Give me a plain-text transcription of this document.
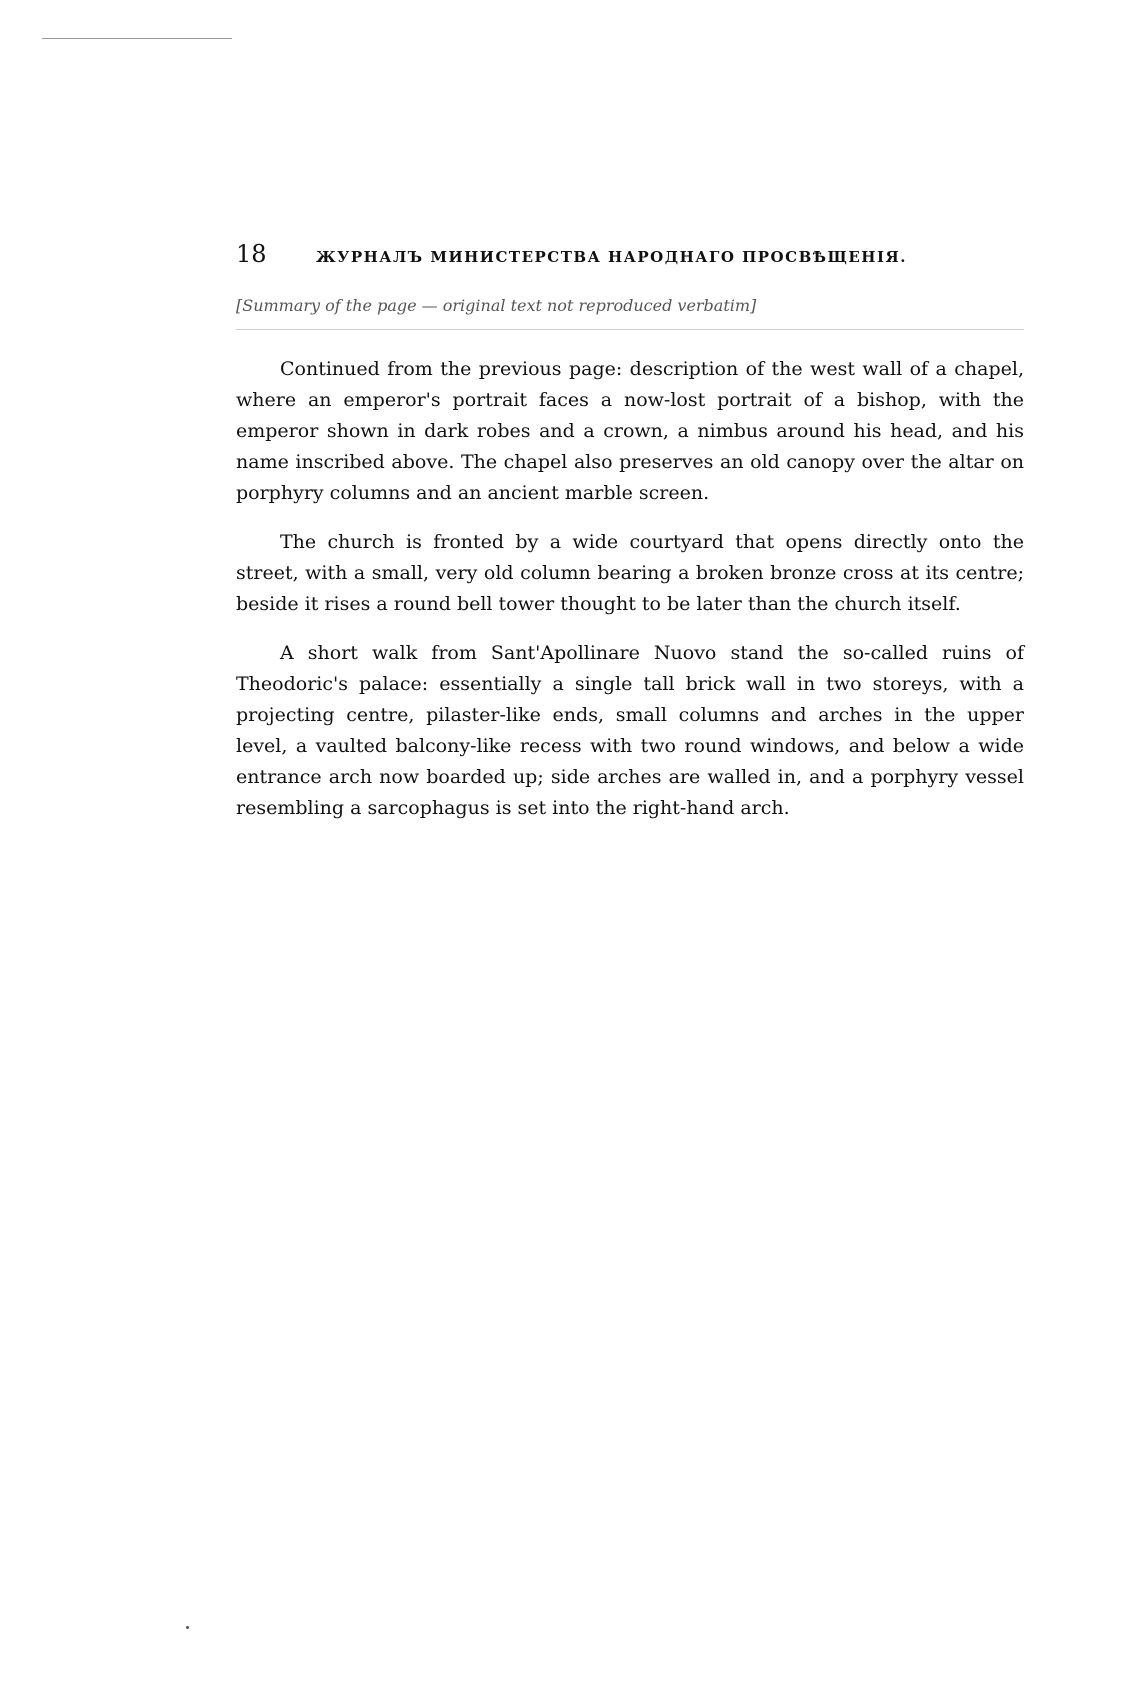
18	ЖУРНАЛЪ МИНИСТЕРСТВА НАРОДНАГО ПРОСВѢЩЕНІЯ.
[Summary of the page — original text not reproduced verbatim]

Continued from the previous page: description of the west wall of a chapel, where an emperor's portrait faces a now-lost portrait of a bishop, with the emperor shown in dark robes and a crown, a nimbus around his head, and his name inscribed above. The chapel also preserves an old canopy over the altar on porphyry columns and an ancient marble screen.

The church is fronted by a wide courtyard that opens directly onto the street, with a small, very old column bearing a broken bronze cross at its centre; beside it rises a round bell tower thought to be later than the church itself.

A short walk from Sant'Apollinare Nuovo stand the so-called ruins of Theodoric's palace: essentially a single tall brick wall in two storeys, with a projecting centre, pilaster-like ends, small columns and arches in the upper level, a vaulted balcony-like recess with two round windows, and below a wide entrance arch now boarded up; side arches are walled in, and a porphyry vessel resembling a sarcophagus is set into the right-hand arch.
